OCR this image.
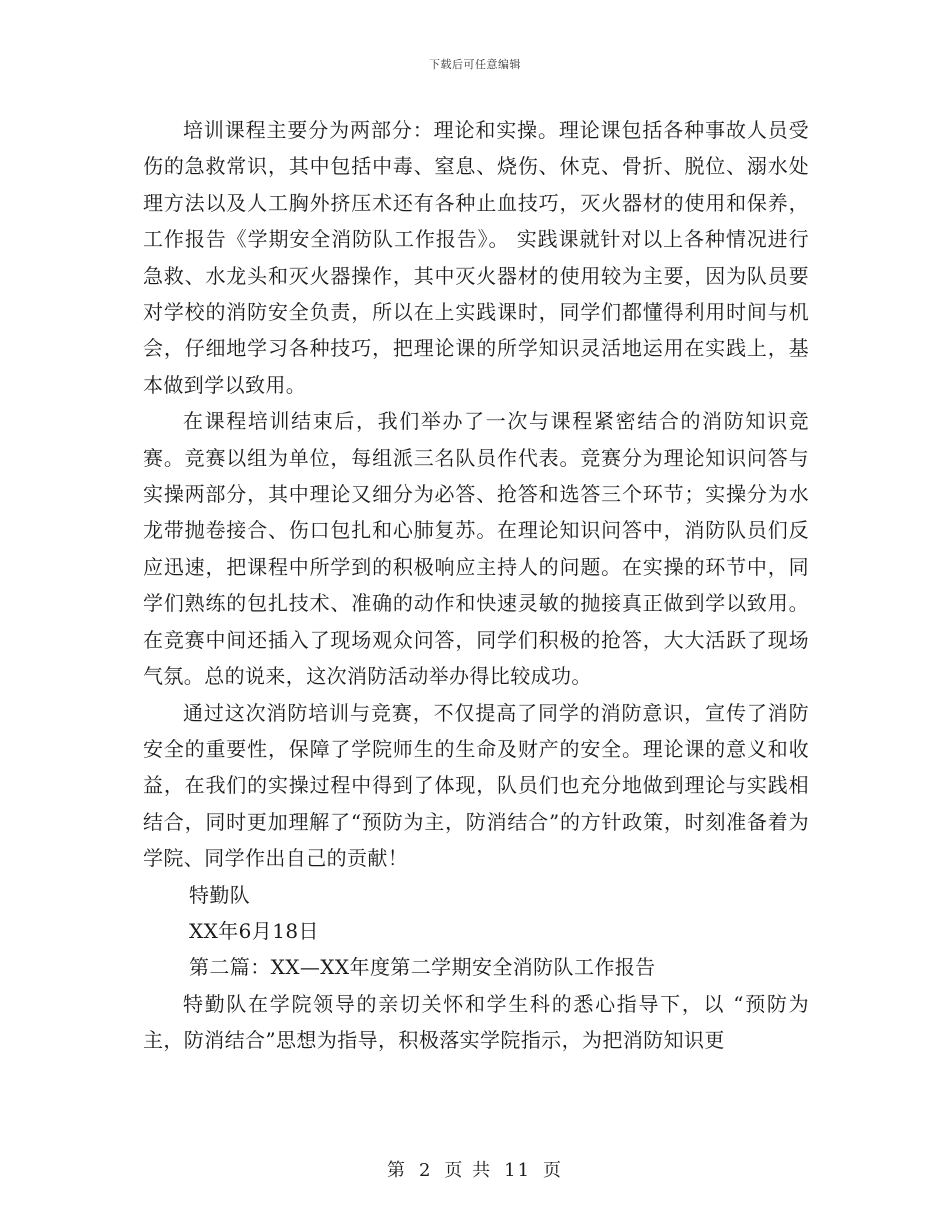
下载后可任意编辑

培训课程主要分为两部分：理论和实操。理论课包括各种事故人员受伤的急救常识，其中包括中毒、窒息、烧伤、休克、骨折、脱位、溺水处理方法以及人工胸外挤压术还有各种止血技巧，灭火器材的使用和保养，工作报告《学期安全消防队工作报告》。 实践课就针对以上各种情况进行急救、水龙头和灭火器操作，其中灭火器材的使用较为主要，因为队员要对学校的消防安全负责，所以在上实践课时，同学们都懂得利用时间与机会，仔细地学习各种技巧，把理论课的所学知识灵活地运用在实践上，基本做到学以致用。

在课程培训结束后，我们举办了一次与课程紧密结合的消防知识竞赛。竞赛以组为单位，每组派三名队员作代表。竞赛分为理论知识问答与实操两部分，其中理论又细分为必答、抢答和选答三个环节；实操分为水龙带抛卷接合、伤口包扎和心肺复苏。在理论知识问答中，消防队员们反应迅速，把课程中所学到的积极响应主持人的问题。在实操的环节中，同学们熟练的包扎技术、准确的动作和快速灵敏的抛接真正做到学以致用。在竞赛中间还插入了现场观众问答，同学们积极的抢答，大大活跃了现场气氛。总的说来，这次消防活动举办得比较成功。

通过这次消防培训与竞赛，不仅提高了同学的消防意识，宣传了消防安全的重要性，保障了学院师生的生命及财产的安全。理论课的意义和收益，在我们的实操过程中得到了体现，队员们也充分地做到理论与实践相结合，同时更加理解了“预防为主，防消结合”的方针政策，时刻准备着为学院、同学作出自己的贡献！

特勤队

XX年6月18日

第二篇：XX—XX年度第二学期安全消防队工作报告

特勤队在学院领导的亲切关怀和学生科的悉心指导下，以 “预防为主，防消结合”思想为指导，积极落实学院指示，为把消防知识更

第 2 页 共 11 页
